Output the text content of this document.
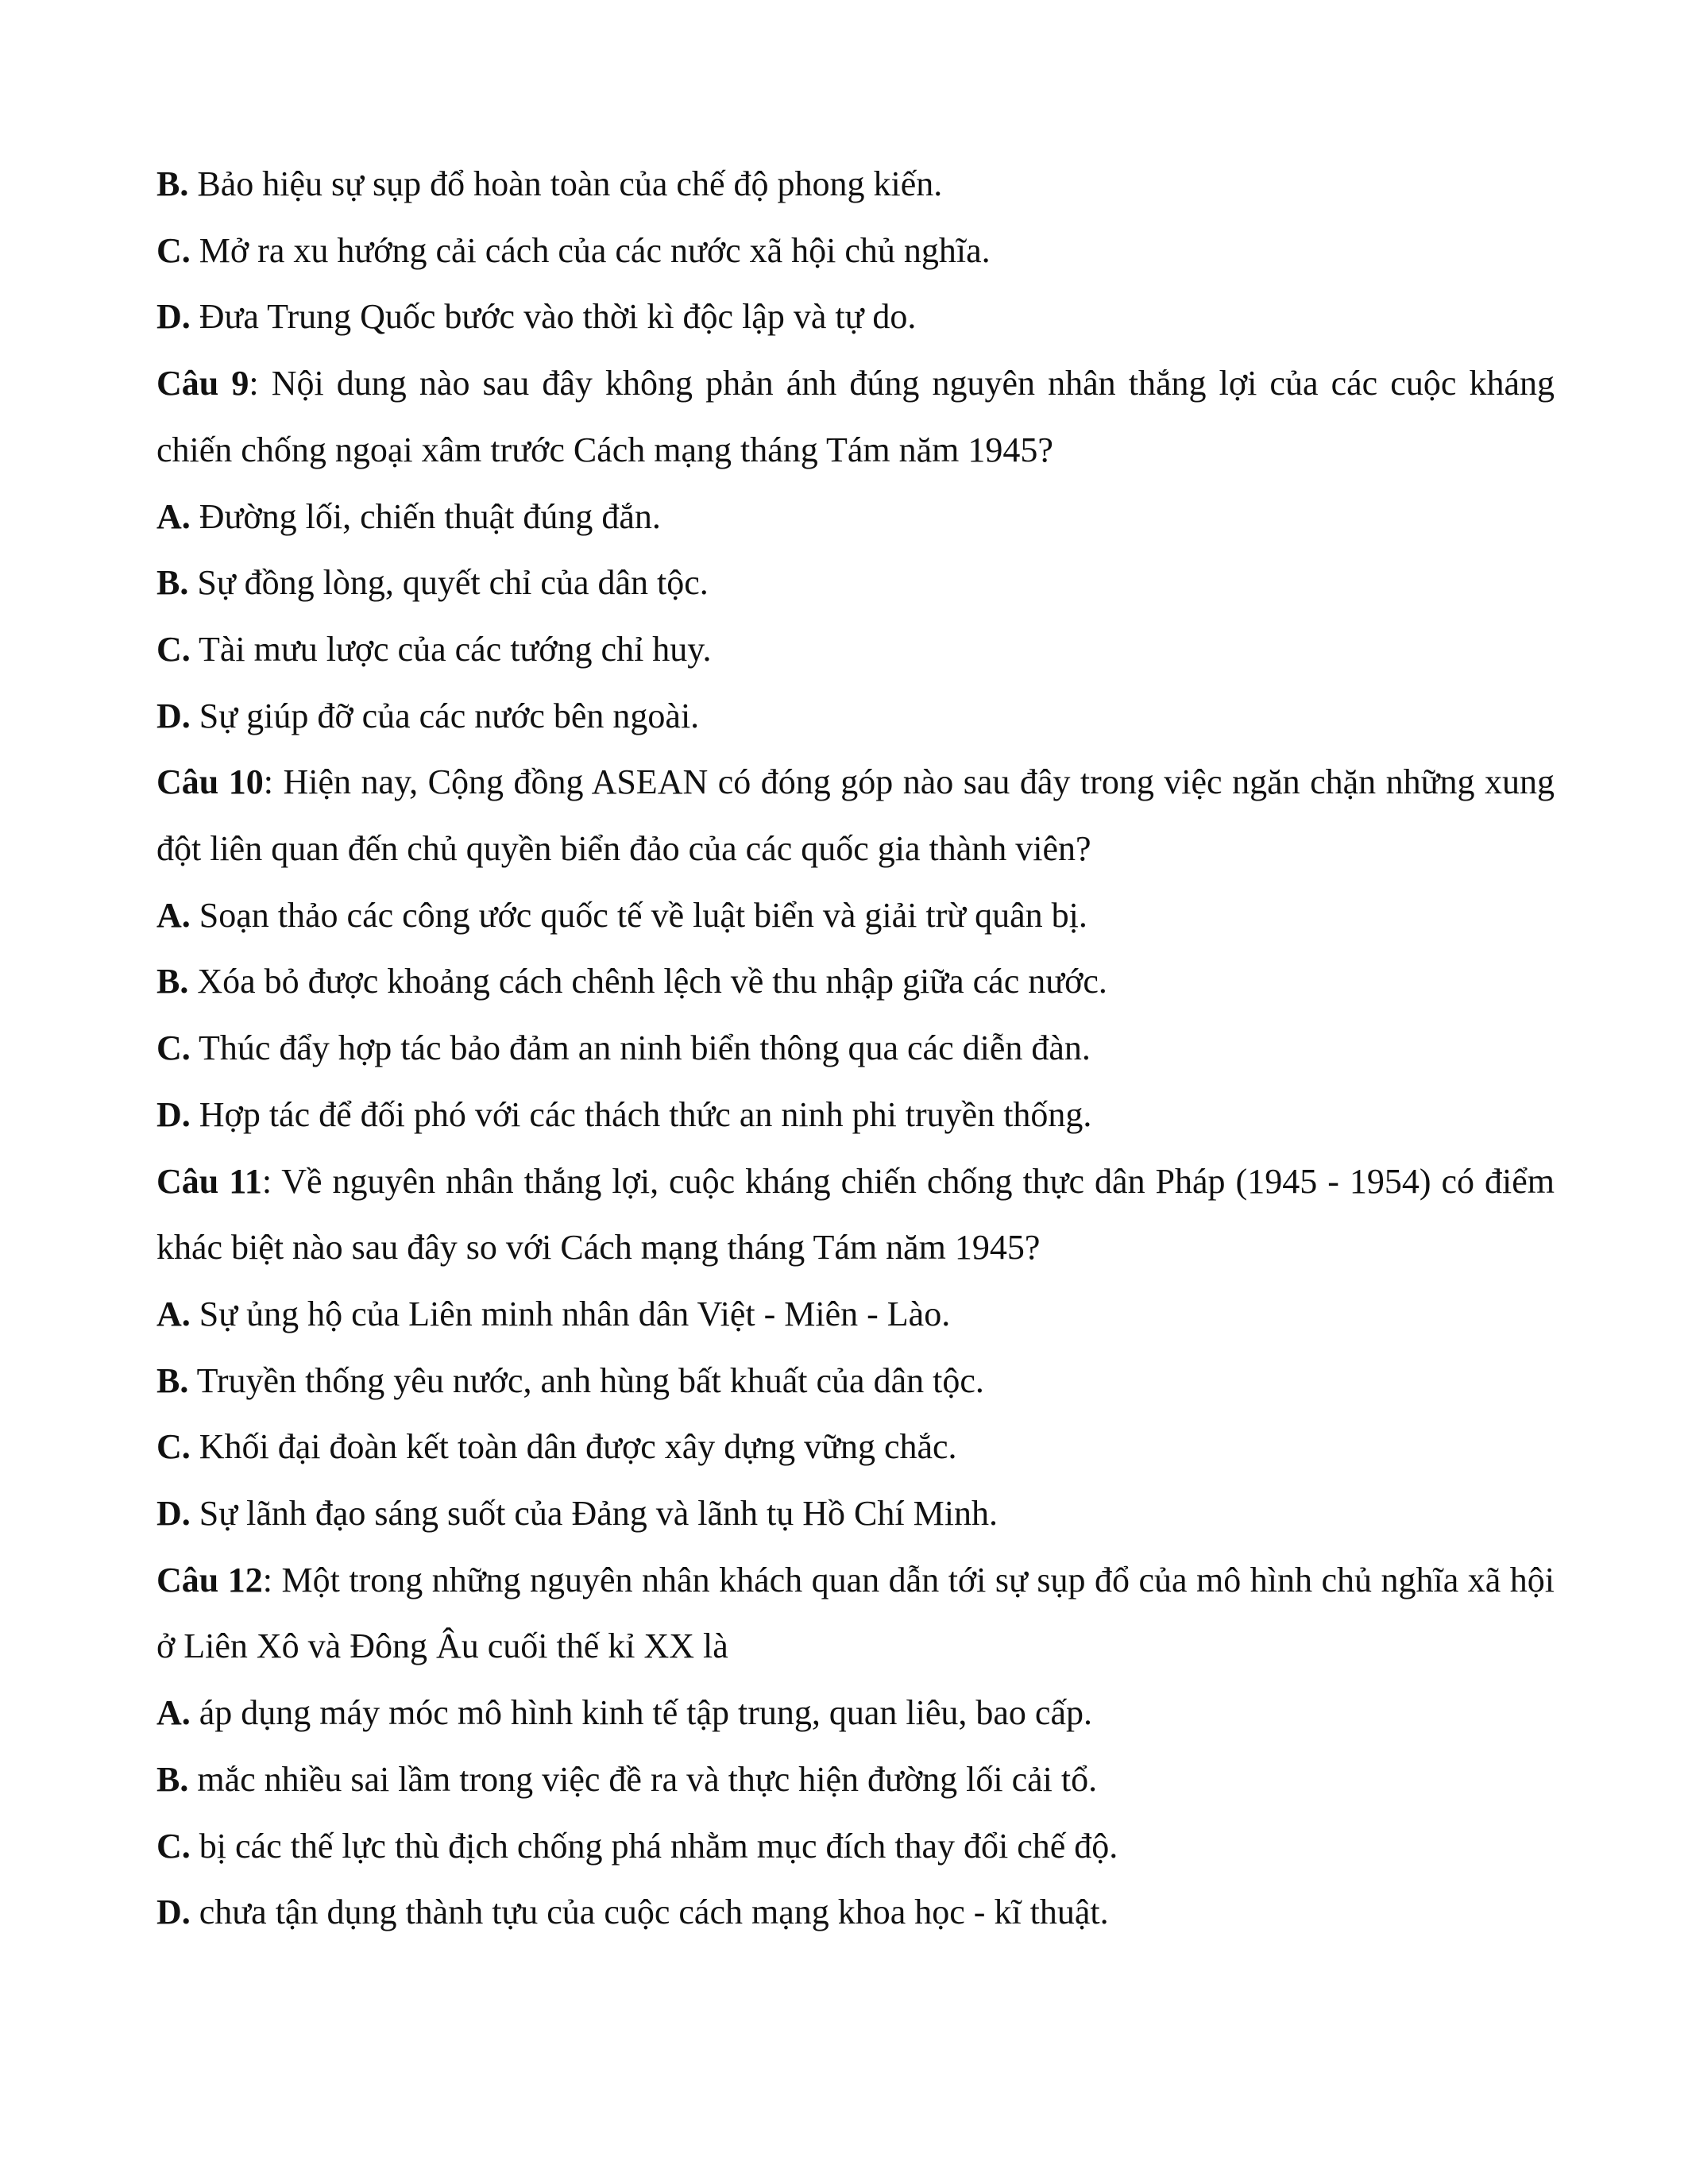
B. Bảo hiệu sự sụp đổ hoàn toàn của chế độ phong kiến.

C. Mở ra xu hướng cải cách của các nước xã hội chủ nghĩa.

D. Đưa Trung Quốc bước vào thời kì độc lập và tự do.

Câu 9: Nội dung nào sau đây không phản ánh đúng nguyên nhân thắng lợi của các cuộc kháng chiến chống ngoại xâm trước Cách mạng tháng Tám năm 1945?

A. Đường lối, chiến thuật đúng đắn.

B. Sự đồng lòng, quyết chỉ của dân tộc.

C. Tài mưu lược của các tướng chỉ huy.

D. Sự giúp đỡ của các nước bên ngoài.

Câu 10: Hiện nay, Cộng đồng ASEAN có đóng góp nào sau đây trong việc ngăn chặn những xung đột liên quan đến chủ quyền biển đảo của các quốc gia thành viên?

A. Soạn thảo các công ước quốc tế về luật biển và giải trừ quân bị.

B. Xóa bỏ được khoảng cách chênh lệch về thu nhập giữa các nước.

C. Thúc đẩy hợp tác bảo đảm an ninh biển thông qua các diễn đàn.

D. Hợp tác để đối phó với các thách thức an ninh phi truyền thống.

Câu 11: Về nguyên nhân thắng lợi, cuộc kháng chiến chống thực dân Pháp (1945 - 1954) có điểm khác biệt nào sau đây so với Cách mạng tháng Tám năm 1945?

A. Sự ủng hộ của Liên minh nhân dân Việt - Miên - Lào.

B. Truyền thống yêu nước, anh hùng bất khuất của dân tộc.

C. Khối đại đoàn kết toàn dân được xây dựng vững chắc.

D. Sự lãnh đạo sáng suốt của Đảng và lãnh tụ Hồ Chí Minh.

Câu 12: Một trong những nguyên nhân khách quan dẫn tới sự sụp đổ của mô hình chủ nghĩa xã hội ở Liên Xô và Đông Âu cuối thế kỉ XX là

A. áp dụng máy móc mô hình kinh tế tập trung, quan liêu, bao cấp.

B. mắc nhiều sai lầm trong việc đề ra và thực hiện đường lối cải tổ.

C. bị các thế lực thù địch chống phá nhằm mục đích thay đổi chế độ.

D. chưa tận dụng thành tựu của cuộc cách mạng khoa học - kĩ thuật.
